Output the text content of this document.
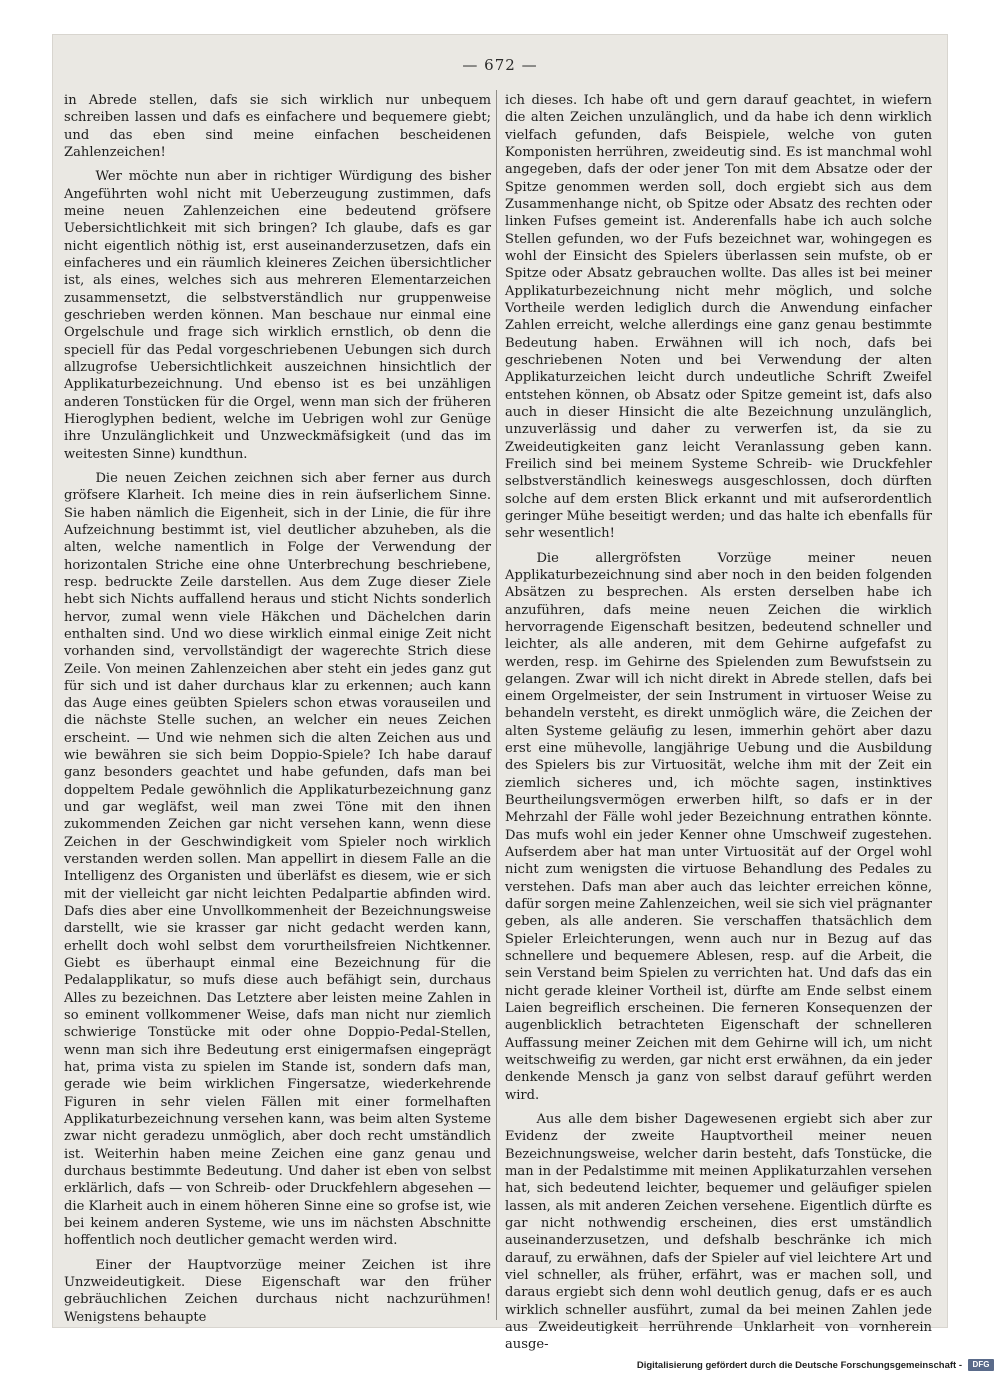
— 672 —

in Abrede stellen, dafs sie sich wirklich nur unbequem schreiben lassen und dafs es einfachere und bequemere giebt; und das eben sind meine einfachen bescheidenen Zahlenzeichen!

Wer möchte nun aber in richtiger Würdigung des bisher Angeführten wohl nicht mit Ueberzeugung zustimmen, dafs meine neuen Zahlenzeichen eine bedeutend gröfsere Uebersichtlichkeit mit sich bringen? Ich glaube, dafs es gar nicht eigentlich nöthig ist, erst auseinanderzusetzen, dafs ein einfacheres und ein räumlich kleineres Zeichen übersichtlicher ist, als eines, welches sich aus mehreren Elementarzeichen zusammensetzt, die selbstverständlich nur gruppenweise geschrieben werden können. Man beschaue nur einmal eine Orgelschule und frage sich wirklich ernstlich, ob denn die speciell für das Pedal vorgeschriebenen Uebungen sich durch allzugrofse Uebersichtlichkeit auszeichnen hinsichtlich der Applikaturbezeichnung. Und ebenso ist es bei unzähligen anderen Tonstücken für die Orgel, wenn man sich der früheren Hieroglyphen bedient, welche im Uebrigen wohl zur Genüge ihre Unzulänglichkeit und Unzweckmäfsigkeit (und das im weitesten Sinne) kundthun.

Die neuen Zeichen zeichnen sich aber ferner aus durch gröfsere Klarheit. Ich meine dies in rein äufserlichem Sinne. Sie haben nämlich die Eigenheit, sich in der Linie, die für ihre Aufzeichnung bestimmt ist, viel deutlicher abzuheben, als die alten, welche namentlich in Folge der Verwendung der horizontalen Striche eine ohne Unterbrechung beschriebene, resp. bedruckte Zeile darstellen. Aus dem Zuge dieser Ziele hebt sich Nichts auffallend heraus und sticht Nichts sonderlich hervor, zumal wenn viele Häkchen und Dächelchen darin enthalten sind. Und wo diese wirklich einmal einige Zeit nicht vorhanden sind, vervollständigt der wagerechte Strich diese Zeile. Von meinen Zahlenzeichen aber steht ein jedes ganz gut für sich und ist daher durchaus klar zu erkennen; auch kann das Auge eines geübten Spielers schon etwas vorauseilen und die nächste Stelle suchen, an welcher ein neues Zeichen erscheint. — Und wie nehmen sich die alten Zeichen aus und wie bewähren sie sich beim Doppio-Spiele? Ich habe darauf ganz besonders geachtet und habe gefunden, dafs man bei doppeltem Pedale gewöhnlich die Applikaturbezeichnung ganz und gar wegläfst, weil man zwei Töne mit den ihnen zukommenden Zeichen gar nicht versehen kann, wenn diese Zeichen in der Geschwindigkeit vom Spieler noch wirklich verstanden werden sollen. Man appellirt in diesem Falle an die Intelligenz des Organisten und überläfst es diesem, wie er sich mit der vielleicht gar nicht leichten Pedalpartie abfinden wird. Dafs dies aber eine Unvollkommenheit der Bezeichnungsweise darstellt, wie sie krasser gar nicht gedacht werden kann, erhellt doch wohl selbst dem vorurtheilsfreien Nichtkenner. Giebt es überhaupt einmal eine Bezeichnung für die Pedalapplikatur, so mufs diese auch befähigt sein, durchaus Alles zu bezeichnen. Das Letztere aber leisten meine Zahlen in so eminent vollkommener Weise, dafs man nicht nur ziemlich schwierige Tonstücke mit oder ohne Doppio-Pedal-Stellen, wenn man sich ihre Bedeutung erst einigermafsen eingeprägt hat, prima vista zu spielen im Stande ist, sondern dafs man, gerade wie beim wirklichen Fingersatze, wiederkehrende Figuren in sehr vielen Fällen mit einer formelhaften Applikaturbezeichnung versehen kann, was beim alten Systeme zwar nicht geradezu unmöglich, aber doch recht umständlich ist. Weiterhin haben meine Zeichen eine ganz genau und durchaus bestimmte Bedeutung. Und daher ist eben von selbst erklärlich, dafs — von Schreib- oder Druckfehlern abgesehen — die Klarheit auch in einem höheren Sinne eine so grofse ist, wie bei keinem anderen Systeme, wie uns im nächsten Abschnitte hoffentlich noch deutlicher gemacht werden wird.

Einer der Hauptvorzüge meiner Zeichen ist ihre Unzweideutigkeit. Diese Eigenschaft war den früher gebräuchlichen Zeichen durchaus nicht nachzurühmen! Wenigstens behaupte

ich dieses. Ich habe oft und gern darauf geachtet, in wiefern die alten Zeichen unzulänglich, und da habe ich denn wirklich vielfach gefunden, dafs Beispiele, welche von guten Komponisten herrühren, zweideutig sind. Es ist manchmal wohl angegeben, dafs der oder jener Ton mit dem Absatze oder der Spitze genommen werden soll, doch ergiebt sich aus dem Zusammenhange nicht, ob Spitze oder Absatz des rechten oder linken Fufses gemeint ist. Anderenfalls habe ich auch solche Stellen gefunden, wo der Fufs bezeichnet war, wohingegen es wohl der Einsicht des Spielers überlassen sein mufste, ob er Spitze oder Absatz gebrauchen wollte. Das alles ist bei meiner Applikaturbezeichnung nicht mehr möglich, und solche Vortheile werden lediglich durch die Anwendung einfacher Zahlen erreicht, welche allerdings eine ganz genau bestimmte Bedeutung haben. Erwähnen will ich noch, dafs bei geschriebenen Noten und bei Verwendung der alten Applikaturzeichen leicht durch undeutliche Schrift Zweifel entstehen können, ob Absatz oder Spitze gemeint ist, dafs also auch in dieser Hinsicht die alte Bezeichnung unzulänglich, unzuverlässig und daher zu verwerfen ist, da sie zu Zweideutigkeiten ganz leicht Veranlassung geben kann. Freilich sind bei meinem Systeme Schreib- wie Druckfehler selbstverständlich keineswegs ausgeschlossen, doch dürften solche auf dem ersten Blick erkannt und mit aufserordentlich geringer Mühe beseitigt werden; und das halte ich ebenfalls für sehr wesentlich!

Die allergröfsten Vorzüge meiner neuen Applikaturbezeichnung sind aber noch in den beiden folgenden Absätzen zu besprechen. Als ersten derselben habe ich anzuführen, dafs meine neuen Zeichen die wirklich hervorragende Eigenschaft besitzen, bedeutend schneller und leichter, als alle anderen, mit dem Gehirne aufgefafst zu werden, resp. im Gehirne des Spielenden zum Bewufstsein zu gelangen. Zwar will ich nicht direkt in Abrede stellen, dafs bei einem Orgelmeister, der sein Instrument in virtuoser Weise zu behandeln versteht, es direkt unmöglich wäre, die Zeichen der alten Systeme geläufig zu lesen, immerhin gehört aber dazu erst eine mühevolle, langjährige Uebung und die Ausbildung des Spielers bis zur Virtuosität, welche ihm mit der Zeit ein ziemlich sicheres und, ich möchte sagen, instinktives Beurtheilungsvermögen erwerben hilft, so dafs er in der Mehrzahl der Fälle wohl jeder Bezeichnung entrathen könnte. Das mufs wohl ein jeder Kenner ohne Umschweif zugestehen. Aufserdem aber hat man unter Virtuosität auf der Orgel wohl nicht zum wenigsten die virtuose Behandlung des Pedales zu verstehen. Dafs man aber auch das leichter erreichen könne, dafür sorgen meine Zahlenzeichen, weil sie sich viel prägnanter geben, als alle anderen. Sie verschaffen thatsächlich dem Spieler Erleichterungen, wenn auch nur in Bezug auf das schnellere und bequemere Ablesen, resp. auf die Arbeit, die sein Verstand beim Spielen zu verrichten hat. Und dafs das ein nicht gerade kleiner Vortheil ist, dürfte am Ende selbst einem Laien begreiflich erscheinen. Die ferneren Konsequenzen der augenblicklich betrachteten Eigenschaft der schnelleren Auffassung meiner Zeichen mit dem Gehirne will ich, um nicht weitschweifig zu werden, gar nicht erst erwähnen, da ein jeder denkende Mensch ja ganz von selbst darauf geführt werden wird.

Aus alle dem bisher Dagewesenen ergiebt sich aber zur Evidenz der zweite Hauptvortheil meiner neuen Bezeichnungsweise, welcher darin besteht, dafs Tonstücke, die man in der Pedalstimme mit meinen Applikaturzahlen versehen hat, sich bedeutend leichter, bequemer und geläufiger spielen lassen, als mit anderen Zeichen versehene. Eigentlich dürfte es gar nicht nothwendig erscheinen, dies erst umständlich auseinanderzusetzen, und defshalb beschränke ich mich darauf, zu erwähnen, dafs der Spieler auf viel leichtere Art und viel schneller, als früher, erfährt, was er machen soll, und daraus ergiebt sich denn wohl deutlich genug, dafs er es auch wirklich schneller ausführt, zumal da bei meinen Zahlen jede aus Zweideutigkeit herrührende Unklarheit von vornherein ausge-

Digitalisierung gefördert durch die Deutsche Forschungsgemeinschaft -	DFG
